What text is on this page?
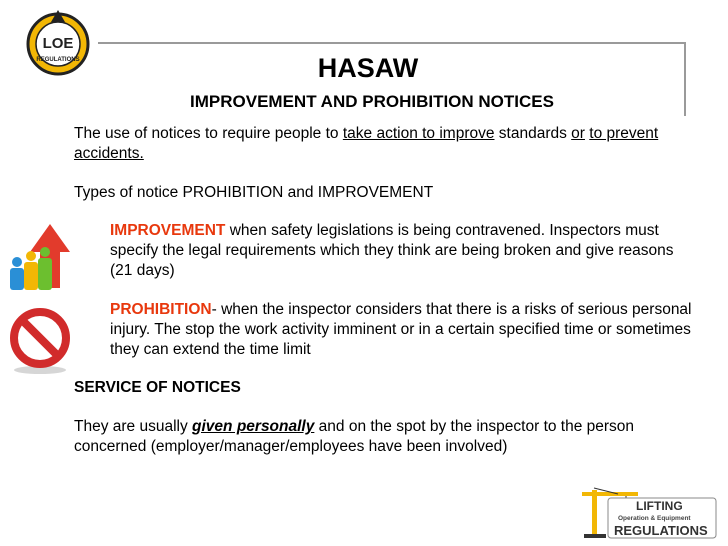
LOE
REGULATIONS	HASAW
IMPROVEMENT AND PROHIBITION NOTICES
The use of notices to require people to take action to improve standards or to prevent accidents.
Types of notice PROHIBITION and IMPROVEMENT
IMPROVEMENT when safety legislations is being contravened. Inspectors must specify the legal requirements which they think are being broken and give reasons (21 days)
PROHIBITION- when the inspector considers that there is a risks of serious personal injury. The stop the work activity imminent or in a certain specified time or sometimes they can extend the time limit
SERVICE OF NOTICES
They are usually given personally and on the spot by the inspector to the person concerned (employer/manager/employees have been involved)
LIFTING
Operation & Equipment
REGULATIONS
